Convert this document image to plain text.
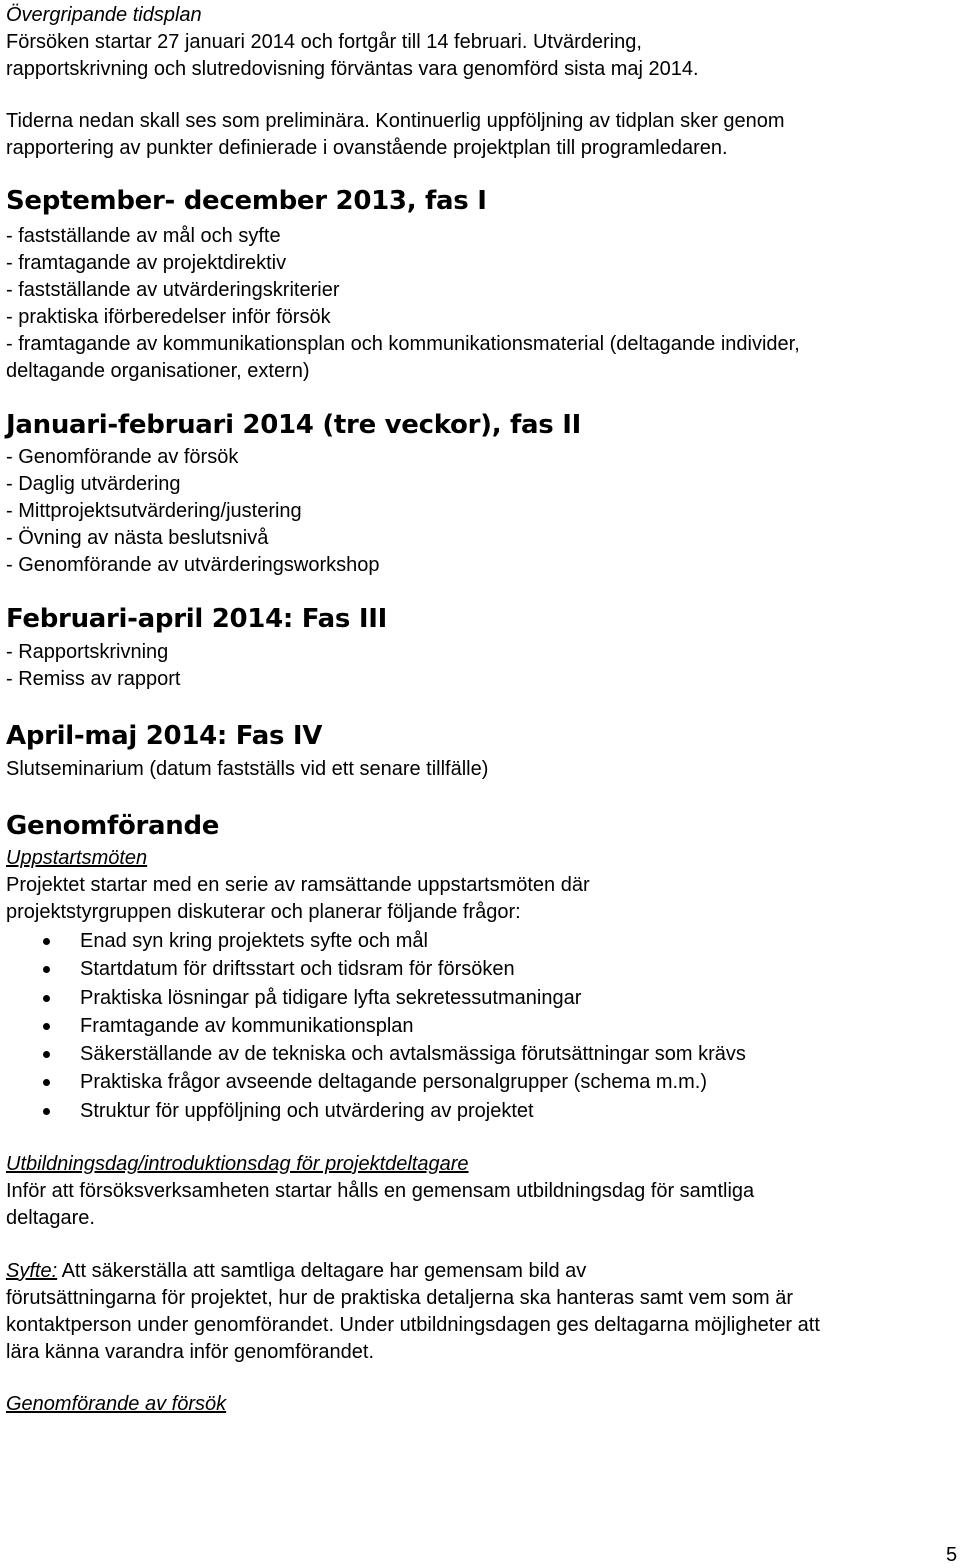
Övergripande tidsplan
Försöken startar 27 januari 2014 och fortgår till 14 februari. Utvärdering,
rapportskrivning och slutredovisning förväntas vara genomförd sista maj 2014.
Tiderna nedan skall ses som preliminära. Kontinuerlig uppföljning av tidplan sker genom
rapportering av punkter definierade i ovanstående projektplan till programledaren.
September- december 2013, fas I
- fastställande av mål och syfte
- framtagande av projektdirektiv
- fastställande av utvärderingskriterier
- praktiska iförberedelser inför försök
- framtagande av kommunikationsplan och kommunikationsmaterial (deltagande individer,
deltagande organisationer, extern)
Januari-februari 2014 (tre veckor), fas II
- Genomförande av försök
- Daglig utvärdering
- Mittprojektsutvärdering/justering
- Övning av nästa beslutsnivå
- Genomförande av utvärderingsworkshop
Februari-april 2014: Fas III
- Rapportskrivning
- Remiss av rapport
April-maj 2014: Fas IV
Slutseminarium (datum fastställs vid ett senare tillfälle)
Genomförande
Uppstartsmöten
Projektet startar med en serie av ramsättande uppstartsmöten där
projektstyrgruppen diskuterar och planerar följande frågor:
Enad syn kring projektets syfte och mål
Startdatum för driftsstart och tidsram för försöken
Praktiska lösningar på tidigare lyfta sekretessutmaningar
Framtagande av kommunikationsplan
Säkerställande av de tekniska och avtalsmässiga förutsättningar som krävs
Praktiska frågor avseende deltagande personalgrupper (schema m.m.)
Struktur för uppföljning och utvärdering av projektet
Utbildningsdag/introduktionsdag för projektdeltagare
Inför att försöksverksamheten startar hålls en gemensam utbildningsdag för samtliga
deltagare.
Syfte: Att säkerställa att samtliga deltagare har gemensam bild av
förutsättningarna för projektet, hur de praktiska detaljerna ska hanteras samt vem som är
kontaktperson under genomförandet. Under utbildningsdagen ges deltagarna möjligheter att
lära känna varandra inför genomförandet.
Genomförande av försök
5
